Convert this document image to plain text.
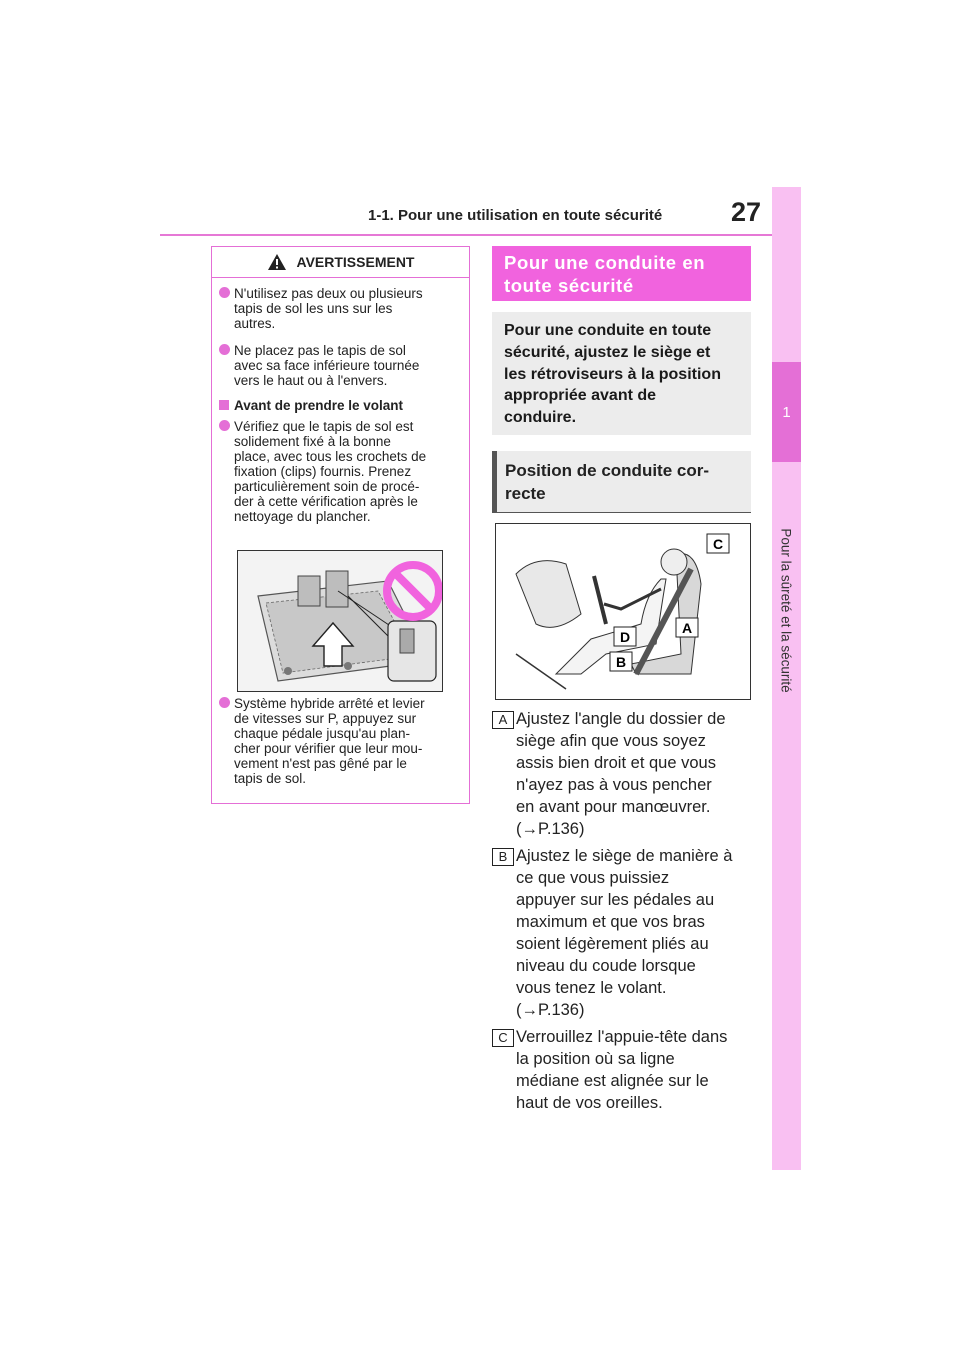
1-1. Pour une utilisation en toute sécurité	27
1
Pour la sûreté et la sécurité
AVERTISSEMENT
N'utilisez pas deux ou plusieurs
tapis de sol les uns sur les
autres.
Ne placez pas le tapis de sol
avec sa face inférieure tournée
vers le haut ou à l'envers.
Avant de prendre le volant
Vérifiez que le tapis de sol est
solidement fixé à la bonne
place, avec tous les crochets de
fixation (clips) fournis. Prenez
particulièrement soin de procé-
der à cette vérification après le
nettoyage du plancher.
Système hybride arrêté et levier
de vitesses sur P, appuyez sur
chaque pédale jusqu'au plan-
cher pour vérifier que leur mou-
vement n'est pas gêné par le
tapis de sol.
Pour une conduite en
toute sécurité
Pour une conduite en toute
sécurité, ajustez le siège et
les rétroviseurs à la position
appropriée avant de
conduire.
Position de conduite cor-
recte
C
A
D
B
A Ajustez l'angle du dossier de
siège afin que vous soyez
assis bien droit et que vous
n'ayez pas à vous pencher
en avant pour manœuvrer.
(→P.136)
B Ajustez le siège de manière à
ce que vous puissiez
appuyer sur les pédales au
maximum et que vos bras
soient légèrement pliés au
niveau du coude lorsque
vous tenez le volant.
(→P.136)
C Verrouillez l'appuie-tête dans
la position où sa ligne
médiane est alignée sur le
haut de vos oreilles.
